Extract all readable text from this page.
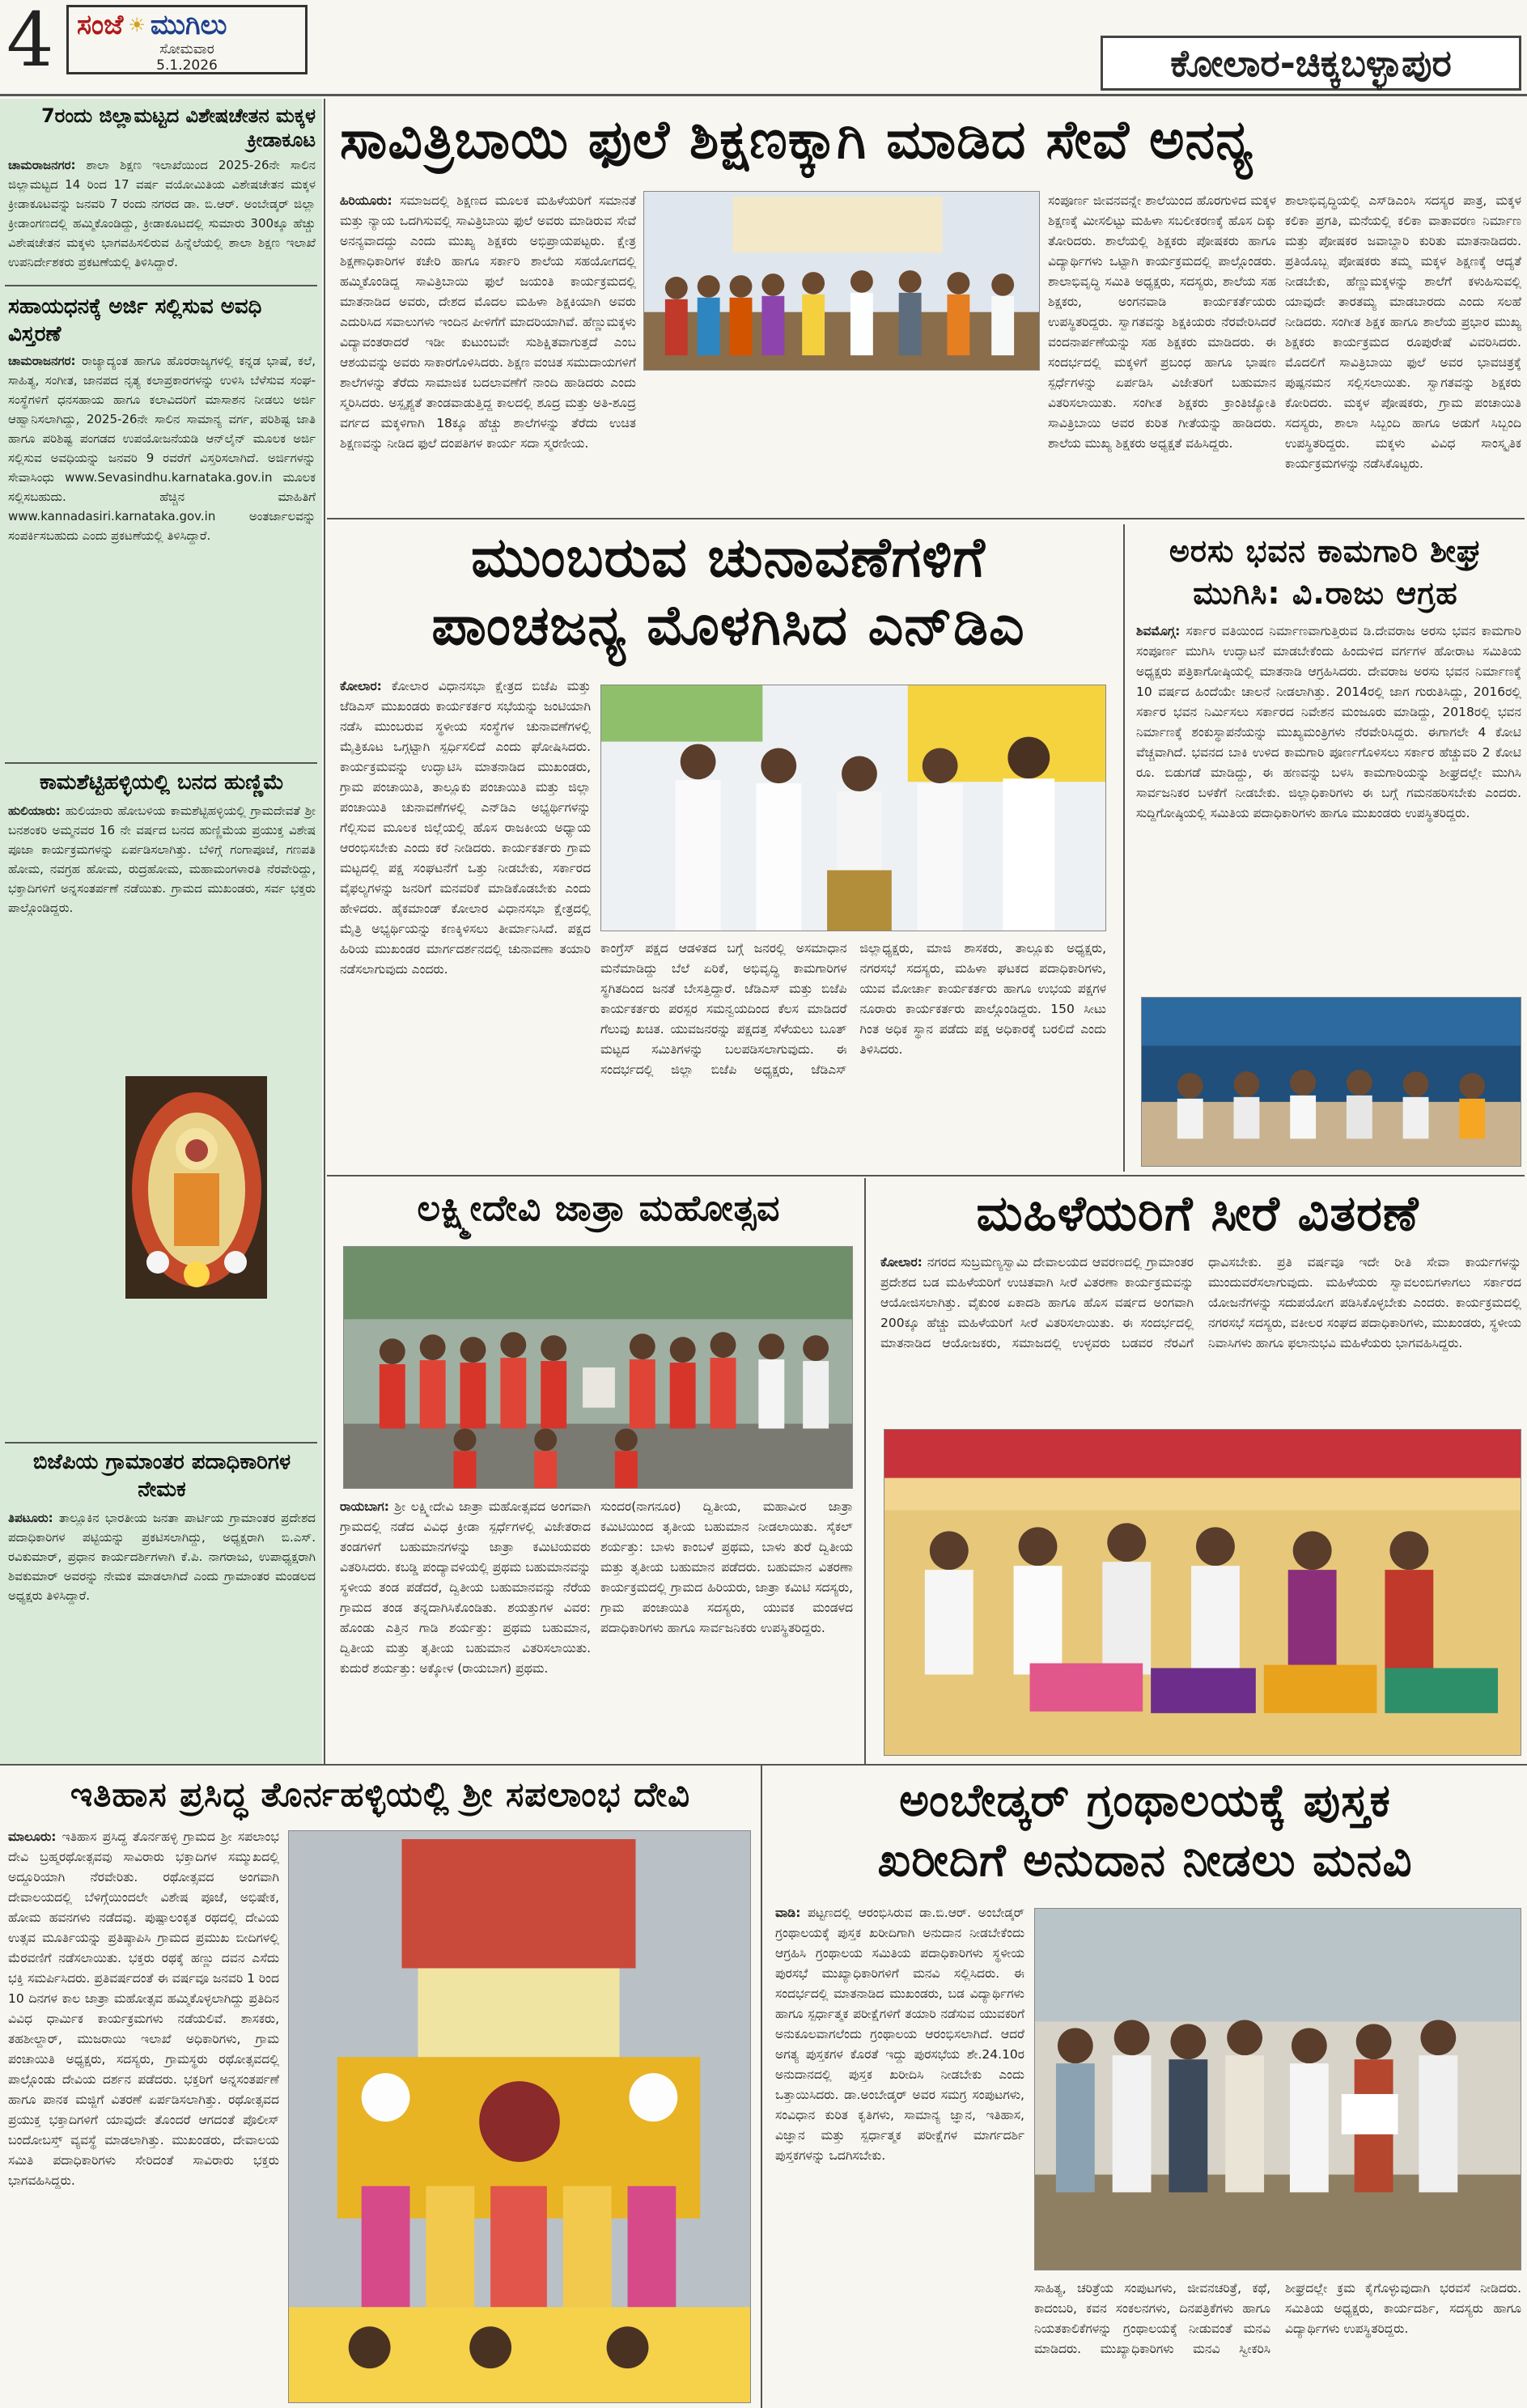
4 ಸಂಜೆ ☀ ಮುಗಿಲು
ಸೋಮವಾರ
5.1.2026	ಕೋಲಾರ-ಚಿಕ್ಕಬಳ್ಳಾಪುರ
7ರಂದು ಜಿಲ್ಲಾಮಟ್ಟದ ವಿಶೇಷಚೇತನ ಮಕ್ಕಳ ಕ್ರೀಡಾಕೂಟ
ಚಾಮರಾಜನಗರ: ಶಾಲಾ ಶಿಕ್ಷಣ ಇಲಾಖೆಯಿಂದ 2025-26ನೇ ಸಾಲಿನ ಜಿಲ್ಲಾಮಟ್ಟದ 14 ರಿಂದ 17 ವರ್ಷ ವಯೋಮಿತಿಯ ವಿಶೇಷಚೇತನ ಮಕ್ಕಳ ಕ್ರೀಡಾಕೂಟವನ್ನು ಜನವರಿ 7 ರಂದು ನಗರದ ಡಾ. ಬಿ.ಆರ್. ಅಂಬೇಡ್ಕರ್ ಜಿಲ್ಲಾ ಕ್ರೀಡಾಂಗಣದಲ್ಲಿ ಹಮ್ಮಿಕೊಂಡಿದ್ದು, ಕ್ರೀಡಾಕೂಟದಲ್ಲಿ ಸುಮಾರು 300ಕ್ಕೂ ಹೆಚ್ಚು ವಿಶೇಷಚೇತನ ಮಕ್ಕಳು ಭಾಗವಹಿಸಲಿರುವ ಹಿನ್ನೆಲೆಯಲ್ಲಿ ಶಾಲಾ ಶಿಕ್ಷಣ ಇಲಾಖೆ ಉಪನಿರ್ದೇಶಕರು ಪ್ರಕಟಣೆಯಲ್ಲಿ ತಿಳಿಸಿದ್ದಾರೆ.
ಸಹಾಯಧನಕ್ಕೆ ಅರ್ಜಿ ಸಲ್ಲಿಸುವ ಅವಧಿ ವಿಸ್ತರಣೆ
ಚಾಮರಾಜನಗರ: ರಾಜ್ಯಾದ್ಯಂತ ಹಾಗೂ ಹೊರರಾಜ್ಯಗಳಲ್ಲಿ ಕನ್ನಡ ಭಾಷೆ, ಕಲೆ, ಸಾಹಿತ್ಯ, ಸಂಗೀತ, ಜಾನಪದ ನೃತ್ಯ ಕಲಾಪ್ರಕಾರಗಳನ್ನು ಉಳಿಸಿ ಬೆಳೆಸುವ ಸಂಘ-ಸಂಸ್ಥೆಗಳಿಗೆ ಧನಸಹಾಯ ಹಾಗೂ ಕಲಾವಿದರಿಗೆ ಮಾಸಾಶನ ನೀಡಲು ಅರ್ಜಿ ಆಹ್ವಾನಿಸಲಾಗಿದ್ದು, 2025-26ನೇ ಸಾಲಿನ ಸಾಮಾನ್ಯ ವರ್ಗ, ಪರಿಶಿಷ್ಟ ಜಾತಿ ಹಾಗೂ ಪರಿಶಿಷ್ಟ ಪಂಗಡದ ಉಪಯೋಜನೆಯಡಿ ಆನ್‌ಲೈನ್ ಮೂಲಕ ಅರ್ಜಿ ಸಲ್ಲಿಸುವ ಅವಧಿಯನ್ನು ಜನವರಿ 9 ರವರೆಗೆ ವಿಸ್ತರಿಸಲಾಗಿದೆ. ಅರ್ಜಿಗಳನ್ನು ಸೇವಾಸಿಂಧು www.Sevasindhu.karnataka.gov.in ಮೂಲಕ ಸಲ್ಲಿಸಬಹುದು. ಹೆಚ್ಚಿನ ಮಾಹಿತಿಗೆ www.kannadasiri.karnataka.gov.in ಅಂತರ್ಜಾಲವನ್ನು ಸಂಪರ್ಕಿಸಬಹುದು ಎಂದು ಪ್ರಕಟಣೆಯಲ್ಲಿ ತಿಳಿಸಿದ್ದಾರೆ.
ಕಾಮಶೆಟ್ಟಿಹಳ್ಳಿಯಲ್ಲಿ ಬನದ ಹುಣ್ಣಿಮೆ
ಹುಲಿಯಾರು: ಹುಲಿಯಾರು ಹೋಬಳಿಯ ಕಾಮಶೆಟ್ಟಿಹಳ್ಳಿಯಲ್ಲಿ ಗ್ರಾಮದೇವತೆ ಶ್ರೀ ಬನಶಂಕರಿ ಅಮ್ಮನವರ 16 ನೇ ವರ್ಷದ ಬನದ ಹುಣ್ಣಿಮೆಯ ಪ್ರಯುಕ್ತ ವಿಶೇಷ ಪೂಜಾ ಕಾರ್ಯಕ್ರಮಗಳನ್ನು ಏರ್ಪಡಿಸಲಾಗಿತ್ತು. ಬೆಳಿಗ್ಗೆ ಗಂಗಾಪೂಜೆ, ಗಣಪತಿ ಹೋಮ, ನವಗ್ರಹ ಹೋಮ, ರುದ್ರಹೋಮ, ಮಹಾಮಂಗಳಾರತಿ ನೆರವೇರಿದ್ದು, ಭಕ್ತಾದಿಗಳಿಗೆ ಅನ್ನಸಂತರ್ಪಣೆ ನಡೆಯಿತು. ಗ್ರಾಮದ ಮುಖಂಡರು, ಸರ್ವ ಭಕ್ತರು ಪಾಲ್ಗೊಂಡಿದ್ದರು.
ಬಿಜೆಪಿಯ ಗ್ರಾಮಾಂತರ ಪದಾಧಿಕಾರಿಗಳ ನೇಮಕ
ತಿಪಟೂರು: ತಾಲ್ಲೂಕಿನ ಭಾರತೀಯ ಜನತಾ ಪಾರ್ಟಿಯ ಗ್ರಾಮಾಂತರ ಪ್ರದೇಶದ ಪದಾಧಿಕಾರಿಗಳ ಪಟ್ಟಿಯನ್ನು ಪ್ರಕಟಿಸಲಾಗಿದ್ದು, ಅಧ್ಯಕ್ಷರಾಗಿ ಬಿ.ಎಸ್. ರವಿಕುಮಾರ್, ಪ್ರಧಾನ ಕಾರ್ಯದರ್ಶಿಗಳಾಗಿ ಕೆ.ಪಿ. ನಾಗರಾಜು, ಉಪಾಧ್ಯಕ್ಷರಾಗಿ ಶಿವಕುಮಾರ್ ಅವರನ್ನು ನೇಮಕ ಮಾಡಲಾಗಿದೆ ಎಂದು ಗ್ರಾಮಾಂತರ ಮಂಡಲದ ಅಧ್ಯಕ್ಷರು ತಿಳಿಸಿದ್ದಾರೆ.
ಸಾವಿತ್ರಿಬಾಯಿ ಫುಲೆ ಶಿಕ್ಷಣಕ್ಕಾಗಿ ಮಾಡಿದ ಸೇವೆ ಅನನ್ಯ
ಹಿರಿಯೂರು: ಸಮಾಜದಲ್ಲಿ ಶಿಕ್ಷಣದ ಮೂಲಕ ಮಹಿಳೆಯರಿಗೆ ಸಮಾನತೆ ಮತ್ತು ನ್ಯಾಯ ಒದಗಿಸುವಲ್ಲಿ ಸಾವಿತ್ರಿಬಾಯಿ ಫುಲೆ ಅವರು ಮಾಡಿರುವ ಸೇವೆ ಅನನ್ಯವಾದದ್ದು ಎಂದು ಮುಖ್ಯ ಶಿಕ್ಷಕರು ಅಭಿಪ್ರಾಯಪಟ್ಟರು. ಕ್ಷೇತ್ರ ಶಿಕ್ಷಣಾಧಿಕಾರಿಗಳ ಕಚೇರಿ ಹಾಗೂ ಸರ್ಕಾರಿ ಶಾಲೆಯ ಸಹಯೋಗದಲ್ಲಿ ಹಮ್ಮಿಕೊಂಡಿದ್ದ ಸಾವಿತ್ರಿಬಾಯಿ ಫುಲೆ ಜಯಂತಿ ಕಾರ್ಯಕ್ರಮದಲ್ಲಿ ಮಾತನಾಡಿದ ಅವರು, ದೇಶದ ಮೊದಲ ಮಹಿಳಾ ಶಿಕ್ಷಕಿಯಾಗಿ ಅವರು ಎದುರಿಸಿದ ಸವಾಲುಗಳು ಇಂದಿನ ಪೀಳಿಗೆಗೆ ಮಾದರಿಯಾಗಿವೆ. ಹೆಣ್ಣುಮಕ್ಕಳು ವಿದ್ಯಾವಂತರಾದರೆ ಇಡೀ ಕುಟುಂಬವೇ ಸುಶಿಕ್ಷಿತವಾಗುತ್ತದೆ ಎಂಬ ಆಶಯವನ್ನು ಅವರು ಸಾಕಾರಗೊಳಿಸಿದರು. ಶಿಕ್ಷಣ ವಂಚಿತ ಸಮುದಾಯಗಳಿಗೆ ಶಾಲೆಗಳನ್ನು ತೆರೆದು ಸಾಮಾಜಿಕ ಬದಲಾವಣೆಗೆ ನಾಂದಿ ಹಾಡಿದರು ಎಂದು ಸ್ಮರಿಸಿದರು. ಅಸ್ಪೃಶ್ಯತೆ ತಾಂಡವಾಡುತ್ತಿದ್ದ ಕಾಲದಲ್ಲಿ ಶೂದ್ರ ಮತ್ತು ಅತಿ-ಶೂದ್ರ ವರ್ಗದ ಮಕ್ಕಳಿಗಾಗಿ 18ಕ್ಕೂ ಹೆಚ್ಚು ಶಾಲೆಗಳನ್ನು ತೆರೆದು ಉಚಿತ ಶಿಕ್ಷಣವನ್ನು ನೀಡಿದ ಫುಲೆ ದಂಪತಿಗಳ ಕಾರ್ಯ ಸದಾ ಸ್ಮರಣೀಯ.
ಸಂಪೂರ್ಣ ಜೀವನವನ್ನೇ ಶಾಲೆಯಿಂದ ಹೊರಗುಳಿದ ಮಕ್ಕಳ ಶಿಕ್ಷಣಕ್ಕೆ ಮೀಸಲಿಟ್ಟು ಮಹಿಳಾ ಸಬಲೀಕರಣಕ್ಕೆ ಹೊಸ ದಿಕ್ಕು ತೋರಿದರು. ಶಾಲೆಯಲ್ಲಿ ಶಿಕ್ಷಕರು ಪೋಷಕರು ಹಾಗೂ ವಿದ್ಯಾರ್ಥಿಗಳು ಒಟ್ಟಾಗಿ ಕಾರ್ಯಕ್ರಮದಲ್ಲಿ ಪಾಲ್ಗೊಂಡರು. ಶಾಲಾಭಿವೃದ್ಧಿ ಸಮಿತಿ ಅಧ್ಯಕ್ಷರು, ಸದಸ್ಯರು, ಶಾಲೆಯ ಸಹ ಶಿಕ್ಷಕರು, ಅಂಗನವಾಡಿ ಕಾರ್ಯಕರ್ತೆಯರು ಉಪಸ್ಥಿತರಿದ್ದರು. ಸ್ವಾಗತವನ್ನು ಶಿಕ್ಷಕಿಯರು ನೆರವೇರಿಸಿದರೆ ವಂದನಾರ್ಪಣೆಯನ್ನು ಸಹ ಶಿಕ್ಷಕರು ಮಾಡಿದರು. ಈ ಸಂದರ್ಭದಲ್ಲಿ ಮಕ್ಕಳಿಗೆ ಪ್ರಬಂಧ ಹಾಗೂ ಭಾಷಣ ಸ್ಪರ್ಧೆಗಳನ್ನು ಏರ್ಪಡಿಸಿ ವಿಜೇತರಿಗೆ ಬಹುಮಾನ ವಿತರಿಸಲಾಯಿತು. ಸಂಗೀತ ಶಿಕ್ಷಕರು ಕ್ರಾಂತಿಜ್ಯೋತಿ ಸಾವಿತ್ರಿಬಾಯಿ ಅವರ ಕುರಿತ ಗೀತೆಯನ್ನು ಹಾಡಿದರು. ಶಾಲೆಯ ಮುಖ್ಯ ಶಿಕ್ಷಕರು ಅಧ್ಯಕ್ಷತೆ ವಹಿಸಿದ್ದರು.
ಶಾಲಾಭಿವೃದ್ಧಿಯಲ್ಲಿ ಎಸ್‌ಡಿಎಂಸಿ ಸದಸ್ಯರ ಪಾತ್ರ, ಮಕ್ಕಳ ಕಲಿಕಾ ಪ್ರಗತಿ, ಮನೆಯಲ್ಲಿ ಕಲಿಕಾ ವಾತಾವರಣ ನಿರ್ಮಾಣ ಮತ್ತು ಪೋಷಕರ ಜವಾಬ್ದಾರಿ ಕುರಿತು ಮಾತನಾಡಿದರು. ಪ್ರತಿಯೊಬ್ಬ ಪೋಷಕರು ತಮ್ಮ ಮಕ್ಕಳ ಶಿಕ್ಷಣಕ್ಕೆ ಆದ್ಯತೆ ನೀಡಬೇಕು, ಹೆಣ್ಣುಮಕ್ಕಳನ್ನು ಶಾಲೆಗೆ ಕಳುಹಿಸುವಲ್ಲಿ ಯಾವುದೇ ತಾರತಮ್ಯ ಮಾಡಬಾರದು ಎಂದು ಸಲಹೆ ನೀಡಿದರು. ಸಂಗೀತ ಶಿಕ್ಷಕ ಹಾಗೂ ಶಾಲೆಯ ಪ್ರಭಾರ ಮುಖ್ಯ ಶಿಕ್ಷಕರು ಕಾರ್ಯಕ್ರಮದ ರೂಪುರೇಷೆ ವಿವರಿಸಿದರು. ಮೊದಲಿಗೆ ಸಾವಿತ್ರಿಬಾಯಿ ಫುಲೆ ಅವರ ಭಾವಚಿತ್ರಕ್ಕೆ ಪುಷ್ಪನಮನ ಸಲ್ಲಿಸಲಾಯಿತು. ಸ್ವಾಗತವನ್ನು ಶಿಕ್ಷಕರು ಕೋರಿದರು. ಮಕ್ಕಳ ಪೋಷಕರು, ಗ್ರಾಮ ಪಂಚಾಯಿತಿ ಸದಸ್ಯರು, ಶಾಲಾ ಸಿಬ್ಬಂದಿ ಹಾಗೂ ಅಡುಗೆ ಸಿಬ್ಬಂದಿ ಉಪಸ್ಥಿತರಿದ್ದರು. ಮಕ್ಕಳು ವಿವಿಧ ಸಾಂಸ್ಕೃತಿಕ ಕಾರ್ಯಕ್ರಮಗಳನ್ನು ನಡೆಸಿಕೊಟ್ಟರು.
ಮುಂಬರುವ ಚುನಾವಣೆಗಳಿಗೆ
ಪಾಂಚಜನ್ಯ ಮೊಳಗಿಸಿದ ಎನ್‌ಡಿಎ
ಕೋಲಾರ: ಕೋಲಾರ ವಿಧಾನಸಭಾ ಕ್ಷೇತ್ರದ ಬಿಜೆಪಿ ಮತ್ತು ಜೆಡಿಎಸ್ ಮುಖಂಡರು ಕಾರ್ಯಕರ್ತರ ಸಭೆಯನ್ನು ಜಂಟಿಯಾಗಿ ನಡೆಸಿ ಮುಂಬರುವ ಸ್ಥಳೀಯ ಸಂಸ್ಥೆಗಳ ಚುನಾವಣೆಗಳಲ್ಲಿ ಮೈತ್ರಿಕೂಟ ಒಗ್ಗಟ್ಟಾಗಿ ಸ್ಪರ್ಧಿಸಲಿದೆ ಎಂದು ಘೋಷಿಸಿದರು. ಕಾರ್ಯಕ್ರಮವನ್ನು ಉದ್ಘಾಟಿಸಿ ಮಾತನಾಡಿದ ಮುಖಂಡರು, ಗ್ರಾಮ ಪಂಚಾಯಿತಿ, ತಾಲ್ಲೂಕು ಪಂಚಾಯಿತಿ ಮತ್ತು ಜಿಲ್ಲಾ ಪಂಚಾಯಿತಿ ಚುನಾವಣೆಗಳಲ್ಲಿ ಎನ್‌ಡಿಎ ಅಭ್ಯರ್ಥಿಗಳನ್ನು ಗೆಲ್ಲಿಸುವ ಮೂಲಕ ಜಿಲ್ಲೆಯಲ್ಲಿ ಹೊಸ ರಾಜಕೀಯ ಅಧ್ಯಾಯ ಆರಂಭಿಸಬೇಕು ಎಂದು ಕರೆ ನೀಡಿದರು. ಕಾರ್ಯಕರ್ತರು ಗ್ರಾಮ ಮಟ್ಟದಲ್ಲಿ ಪಕ್ಷ ಸಂಘಟನೆಗೆ ಒತ್ತು ನೀಡಬೇಕು, ಸರ್ಕಾರದ ವೈಫಲ್ಯಗಳನ್ನು ಜನರಿಗೆ ಮನವರಿಕೆ ಮಾಡಿಕೊಡಬೇಕು ಎಂದು ಹೇಳಿದರು. ಹೈಕಮಾಂಡ್ ಕೋಲಾರ ವಿಧಾನಸಭಾ ಕ್ಷೇತ್ರದಲ್ಲಿ ಮೈತ್ರಿ ಅಭ್ಯರ್ಥಿಯನ್ನು ಕಣಕ್ಕಿಳಿಸಲು ತೀರ್ಮಾನಿಸಿದೆ. ಪಕ್ಷದ ಹಿರಿಯ ಮುಖಂಡರ ಮಾರ್ಗದರ್ಶನದಲ್ಲಿ ಚುನಾವಣಾ ತಯಾರಿ ನಡೆಸಲಾಗುವುದು ಎಂದರು.
ಕಾಂಗ್ರೆಸ್ ಪಕ್ಷದ ಆಡಳಿತದ ಬಗ್ಗೆ ಜನರಲ್ಲಿ ಅಸಮಾಧಾನ ಮನೆಮಾಡಿದ್ದು ಬೆಲೆ ಏರಿಕೆ, ಅಭಿವೃದ್ಧಿ ಕಾಮಗಾರಿಗಳ ಸ್ಥಗಿತದಿಂದ ಜನತೆ ಬೇಸತ್ತಿದ್ದಾರೆ. ಜೆಡಿಎಸ್ ಮತ್ತು ಬಿಜೆಪಿ ಕಾರ್ಯಕರ್ತರು ಪರಸ್ಪರ ಸಮನ್ವಯದಿಂದ ಕೆಲಸ ಮಾಡಿದರೆ ಗೆಲುವು ಖಚಿತ. ಯುವಜನರನ್ನು ಪಕ್ಷದತ್ತ ಸೆಳೆಯಲು ಬೂತ್ ಮಟ್ಟದ ಸಮಿತಿಗಳನ್ನು ಬಲಪಡಿಸಲಾಗುವುದು. ಈ ಸಂದರ್ಭದಲ್ಲಿ ಜಿಲ್ಲಾ ಬಿಜೆಪಿ ಅಧ್ಯಕ್ಷರು, ಜೆಡಿಎಸ್ ಜಿಲ್ಲಾಧ್ಯಕ್ಷರು, ಮಾಜಿ ಶಾಸಕರು, ತಾಲ್ಲೂಕು ಅಧ್ಯಕ್ಷರು, ನಗರಸಭೆ ಸದಸ್ಯರು, ಮಹಿಳಾ ಘಟಕದ ಪದಾಧಿಕಾರಿಗಳು, ಯುವ ಮೋರ್ಚಾ ಕಾರ್ಯಕರ್ತರು ಹಾಗೂ ಉಭಯ ಪಕ್ಷಗಳ ನೂರಾರು ಕಾರ್ಯಕರ್ತರು ಪಾಲ್ಗೊಂಡಿದ್ದರು. 150 ಸೀಟು ಗಿಂತ ಅಧಿಕ ಸ್ಥಾನ ಪಡೆದು ಪಕ್ಷ ಅಧಿಕಾರಕ್ಕೆ ಬರಲಿದೆ ಎಂದು ತಿಳಿಸಿದರು.
ಅರಸು ಭವನ ಕಾಮಗಾರಿ ಶೀಘ್ರ
ಮುಗಿಸಿ: ವಿ.ರಾಜು ಆಗ್ರಹ
ಶಿವಮೊಗ್ಗ: ಸರ್ಕಾರ ವತಿಯಿಂದ ನಿರ್ಮಾಣವಾಗುತ್ತಿರುವ ಡಿ.ದೇವರಾಜ ಅರಸು ಭವನ ಕಾಮಗಾರಿ ಸಂಪೂರ್ಣ ಮುಗಿಸಿ ಉದ್ಘಾಟನೆ ಮಾಡಬೇಕೆಂದು ಹಿಂದುಳಿದ ವರ್ಗಗಳ ಹೋರಾಟ ಸಮಿತಿಯ ಅಧ್ಯಕ್ಷರು ಪತ್ರಿಕಾಗೋಷ್ಠಿಯಲ್ಲಿ ಮಾತನಾಡಿ ಆಗ್ರಹಿಸಿದರು. ದೇವರಾಜ ಅರಸು ಭವನ ನಿರ್ಮಾಣಕ್ಕೆ 10 ವರ್ಷದ ಹಿಂದೆಯೇ ಚಾಲನೆ ನೀಡಲಾಗಿತ್ತು. 2014ರಲ್ಲಿ ಜಾಗ ಗುರುತಿಸಿದ್ದು, 2016ರಲ್ಲಿ ಸರ್ಕಾರ ಭವನ ನಿರ್ಮಿಸಲು ಸರ್ಕಾರದ ನಿವೇಶನ ಮಂಜೂರು ಮಾಡಿದ್ದು, 2018ರಲ್ಲಿ ಭವನ ನಿರ್ಮಾಣಕ್ಕೆ ಶಂಕುಸ್ಥಾಪನೆಯನ್ನು ಮುಖ್ಯಮಂತ್ರಿಗಳು ನೆರವೇರಿಸಿದ್ದರು. ಈಗಾಗಲೇ 4 ಕೋಟಿ ವೆಚ್ಚವಾಗಿದೆ. ಭವನದ ಬಾಕಿ ಉಳಿದ ಕಾಮಗಾರಿ ಪೂರ್ಣಗೊಳಿಸಲು ಸರ್ಕಾರ ಹೆಚ್ಚುವರಿ 2 ಕೋಟಿ ರೂ. ಬಿಡುಗಡೆ ಮಾಡಿದ್ದು, ಈ ಹಣವನ್ನು ಬಳಸಿ ಕಾಮಗಾರಿಯನ್ನು ಶೀಘ್ರದಲ್ಲೇ ಮುಗಿಸಿ ಸಾರ್ವಜನಿಕರ ಬಳಕೆಗೆ ನೀಡಬೇಕು. ಜಿಲ್ಲಾಧಿಕಾರಿಗಳು ಈ ಬಗ್ಗೆ ಗಮನಹರಿಸಬೇಕು ಎಂದರು. ಸುದ್ದಿಗೋಷ್ಠಿಯಲ್ಲಿ ಸಮಿತಿಯ ಪದಾಧಿಕಾರಿಗಳು ಹಾಗೂ ಮುಖಂಡರು ಉಪಸ್ಥಿತರಿದ್ದರು.
ಲಕ್ಷ್ಮೀದೇವಿ ಜಾತ್ರಾ ಮಹೋತ್ಸವ
ರಾಯಬಾಗ: ಶ್ರೀ ಲಕ್ಷ್ಮೀದೇವಿ ಜಾತ್ರಾ ಮಹೋತ್ಸವದ ಅಂಗವಾಗಿ ಗ್ರಾಮದಲ್ಲಿ ನಡೆದ ವಿವಿಧ ಕ್ರೀಡಾ ಸ್ಪರ್ಧೆಗಳಲ್ಲಿ ವಿಜೇತರಾದ ತಂಡಗಳಿಗೆ ಬಹುಮಾನಗಳನ್ನು ಜಾತ್ರಾ ಕಮಿಟಿಯವರು ವಿತರಿಸಿದರು. ಕಬಡ್ಡಿ ಪಂದ್ಯಾವಳಿಯಲ್ಲಿ ಪ್ರಥಮ ಬಹುಮಾನವನ್ನು ಸ್ಥಳೀಯ ತಂಡ ಪಡೆದರೆ, ದ್ವಿತೀಯ ಬಹುಮಾನವನ್ನು ನೆರೆಯ ಗ್ರಾಮದ ತಂಡ ತನ್ನದಾಗಿಸಿಕೊಂಡಿತು. ಶಯತ್ತುಗಳ ವಿವರ: ಹೊಂಡು ಎತ್ತಿನ ಗಾಡಿ ಶರ್ಯತ್ತು: ಪ್ರಥಮ ಬಹುಮಾನ, ದ್ವಿತೀಯ ಮತ್ತು ತೃತೀಯ ಬಹುಮಾನ ವಿತರಿಸಲಾಯಿತು. ಕುದುರೆ ಶರ್ಯತ್ತು: ಅಕ್ಕೋಳ (ರಾಯಬಾಗ) ಪ್ರಥಮ.
ಸುಂದರ(ನಾಗನೂರ) ದ್ವಿತೀಯ, ಮಹಾವೀರ ಜಾತ್ರಾ ಕಮಿಟಿಯಿಂದ ತೃತೀಯ ಬಹುಮಾನ ನೀಡಲಾಯಿತು. ಸೈಕಲ್ ಶರ್ಯತ್ತು: ಬಾಳು ಕಾಂಬಳೆ ಪ್ರಥಮ, ಬಾಳು ತುರೆ ದ್ವಿತೀಯ ಮತ್ತು ತೃತೀಯ ಬಹುಮಾನ ಪಡೆದರು. ಬಹುಮಾನ ವಿತರಣಾ ಕಾರ್ಯಕ್ರಮದಲ್ಲಿ ಗ್ರಾಮದ ಹಿರಿಯರು, ಜಾತ್ರಾ ಕಮಿಟಿ ಸದಸ್ಯರು, ಗ್ರಾಮ ಪಂಚಾಯಿತಿ ಸದಸ್ಯರು, ಯುವಕ ಮಂಡಳದ ಪದಾಧಿಕಾರಿಗಳು ಹಾಗೂ ಸಾರ್ವಜನಿಕರು ಉಪಸ್ಥಿತರಿದ್ದರು.
ಮಹಿಳೆಯರಿಗೆ ಸೀರೆ ವಿತರಣೆ
ಕೋಲಾರ: ನಗರದ ಸುಬ್ರಮಣ್ಯಸ್ವಾಮಿ ದೇವಾಲಯದ ಆವರಣದಲ್ಲಿ ಗ್ರಾಮಾಂತರ ಪ್ರದೇಶದ ಬಡ ಮಹಿಳೆಯರಿಗೆ ಉಚಿತವಾಗಿ ಸೀರೆ ವಿತರಣಾ ಕಾರ್ಯಕ್ರಮವನ್ನು ಆಯೋಜಿಸಲಾಗಿತ್ತು. ವೈಕುಂಠ ಏಕಾದಶಿ ಹಾಗೂ ಹೊಸ ವರ್ಷದ ಅಂಗವಾಗಿ 200ಕ್ಕೂ ಹೆಚ್ಚು ಮಹಿಳೆಯರಿಗೆ ಸೀರೆ ವಿತರಿಸಲಾಯಿತು. ಈ ಸಂದರ್ಭದಲ್ಲಿ ಮಾತನಾಡಿದ ಆಯೋಜಕರು, ಸಮಾಜದಲ್ಲಿ ಉಳ್ಳವರು ಬಡವರ ನೆರವಿಗೆ ಧಾವಿಸಬೇಕು. ಪ್ರತಿ ವರ್ಷವೂ ಇದೇ ರೀತಿ ಸೇವಾ ಕಾರ್ಯಗಳನ್ನು ಮುಂದುವರೆಸಲಾಗುವುದು. ಮಹಿಳೆಯರು ಸ್ವಾವಲಂಬಿಗಳಾಗಲು ಸರ್ಕಾರದ ಯೋಜನೆಗಳನ್ನು ಸದುಪಯೋಗ ಪಡಿಸಿಕೊಳ್ಳಬೇಕು ಎಂದರು. ಕಾರ್ಯಕ್ರಮದಲ್ಲಿ ನಗರಸಭೆ ಸದಸ್ಯರು, ವಕೀಲರ ಸಂಘದ ಪದಾಧಿಕಾರಿಗಳು, ಮುಖಂಡರು, ಸ್ಥಳೀಯ ನಿವಾಸಿಗಳು ಹಾಗೂ ಫಲಾನುಭವಿ ಮಹಿಳೆಯರು ಭಾಗವಹಿಸಿದ್ದರು.
ಇತಿಹಾಸ ಪ್ರಸಿದ್ಧ ತೊರ್ನಹಳ್ಳಿಯಲ್ಲಿ ಶ್ರೀ ಸಪಲಾಂಭ ದೇವಿ
ಮಾಲೂರು: ಇತಿಹಾಸ ಪ್ರಸಿದ್ಧ ತೊರ್ನಹಳ್ಳಿ ಗ್ರಾಮದ ಶ್ರೀ ಸಪಲಾಂಭ ದೇವಿ ಬ್ರಹ್ಮರಥೋತ್ಸವವು ಸಾವಿರಾರು ಭಕ್ತಾದಿಗಳ ಸಮ್ಮುಖದಲ್ಲಿ ಅದ್ದೂರಿಯಾಗಿ ನೆರವೇರಿತು. ರಥೋತ್ಸವದ ಅಂಗವಾಗಿ ದೇವಾಲಯದಲ್ಲಿ ಬೆಳಿಗ್ಗೆಯಿಂದಲೇ ವಿಶೇಷ ಪೂಜೆ, ಅಭಿಷೇಕ, ಹೋಮ ಹವನಗಳು ನಡೆದವು. ಪುಷ್ಪಾಲಂಕೃತ ರಥದಲ್ಲಿ ದೇವಿಯ ಉತ್ಸವ ಮೂರ್ತಿಯನ್ನು ಪ್ರತಿಷ್ಠಾಪಿಸಿ ಗ್ರಾಮದ ಪ್ರಮುಖ ಬೀದಿಗಳಲ್ಲಿ ಮೆರವಣಿಗೆ ನಡೆಸಲಾಯಿತು. ಭಕ್ತರು ರಥಕ್ಕೆ ಹಣ್ಣು ದವನ ಎಸೆದು ಭಕ್ತಿ ಸಮರ್ಪಿಸಿದರು. ಪ್ರತಿವರ್ಷದಂತೆ ಈ ವರ್ಷವೂ ಜನವರಿ 1 ರಿಂದ 10 ದಿನಗಳ ಕಾಲ ಜಾತ್ರಾ ಮಹೋತ್ಸವ ಹಮ್ಮಿಕೊಳ್ಳಲಾಗಿದ್ದು ಪ್ರತಿದಿನ ವಿವಿಧ ಧಾರ್ಮಿಕ ಕಾರ್ಯಕ್ರಮಗಳು ನಡೆಯಲಿವೆ. ಶಾಸಕರು, ತಹಶೀಲ್ದಾರ್, ಮುಜರಾಯಿ ಇಲಾಖೆ ಅಧಿಕಾರಿಗಳು, ಗ್ರಾಮ ಪಂಚಾಯಿತಿ ಅಧ್ಯಕ್ಷರು, ಸದಸ್ಯರು, ಗ್ರಾಮಸ್ಥರು ರಥೋತ್ಸವದಲ್ಲಿ ಪಾಲ್ಗೊಂಡು ದೇವಿಯ ದರ್ಶನ ಪಡೆದರು. ಭಕ್ತರಿಗೆ ಅನ್ನಸಂತರ್ಪಣೆ ಹಾಗೂ ಪಾನಕ ಮಜ್ಜಿಗೆ ವಿತರಣೆ ಏರ್ಪಡಿಸಲಾಗಿತ್ತು. ರಥೋತ್ಸವದ ಪ್ರಯುಕ್ತ ಭಕ್ತಾದಿಗಳಿಗೆ ಯಾವುದೇ ತೊಂದರೆ ಆಗದಂತೆ ಪೊಲೀಸ್ ಬಂದೋಬಸ್ತ್ ವ್ಯವಸ್ಥೆ ಮಾಡಲಾಗಿತ್ತು. ಮುಖಂಡರು, ದೇವಾಲಯ ಸಮಿತಿ ಪದಾಧಿಕಾರಿಗಳು ಸೇರಿದಂತೆ ಸಾವಿರಾರು ಭಕ್ತರು ಭಾಗವಹಿಸಿದ್ದರು.
ಅಂಬೇಡ್ಕರ್ ಗ್ರಂಥಾಲಯಕ್ಕೆ ಪುಸ್ತಕ
ಖರೀದಿಗೆ ಅನುದಾನ ನೀಡಲು ಮನವಿ
ವಾಡಿ: ಪಟ್ಟಣದಲ್ಲಿ ಆರಂಭಿಸಿರುವ ಡಾ.ಬಿ.ಆರ್. ಅಂಬೇಡ್ಕರ್ ಗ್ರಂಥಾಲಯಕ್ಕೆ ಪುಸ್ತಕ ಖರೀದಿಗಾಗಿ ಅನುದಾನ ನೀಡಬೇಕೆಂದು ಆಗ್ರಹಿಸಿ ಗ್ರಂಥಾಲಯ ಸಮಿತಿಯ ಪದಾಧಿಕಾರಿಗಳು ಸ್ಥಳೀಯ ಪುರಸಭೆ ಮುಖ್ಯಾಧಿಕಾರಿಗಳಿಗೆ ಮನವಿ ಸಲ್ಲಿಸಿದರು. ಈ ಸಂದರ್ಭದಲ್ಲಿ ಮಾತನಾಡಿದ ಮುಖಂಡರು, ಬಡ ವಿದ್ಯಾರ್ಥಿಗಳು ಹಾಗೂ ಸ್ಪರ್ಧಾತ್ಮಕ ಪರೀಕ್ಷೆಗಳಿಗೆ ತಯಾರಿ ನಡೆಸುವ ಯುವಕರಿಗೆ ಅನುಕೂಲವಾಗಲೆಂದು ಗ್ರಂಥಾಲಯ ಆರಂಭಿಸಲಾಗಿದೆ. ಆದರೆ ಅಗತ್ಯ ಪುಸ್ತಕಗಳ ಕೊರತೆ ಇದ್ದು ಪುರಸಭೆಯ ಶೇ.24.10ರ ಅನುದಾನದಲ್ಲಿ ಪುಸ್ತಕ ಖರೀದಿಸಿ ನೀಡಬೇಕು ಎಂದು ಒತ್ತಾಯಿಸಿದರು. ಡಾ.ಅಂಬೇಡ್ಕರ್ ಅವರ ಸಮಗ್ರ ಸಂಪುಟಗಳು, ಸಂವಿಧಾನ ಕುರಿತ ಕೃತಿಗಳು, ಸಾಮಾನ್ಯ ಜ್ಞಾನ, ಇತಿಹಾಸ, ವಿಜ್ಞಾನ ಮತ್ತು ಸ್ಪರ್ಧಾತ್ಮಕ ಪರೀಕ್ಷೆಗಳ ಮಾರ್ಗದರ್ಶಿ ಪುಸ್ತಕಗಳನ್ನು ಒದಗಿಸಬೇಕು.
ಸಾಹಿತ್ಯ, ಚರಿತ್ರೆಯ ಸಂಪುಟಗಳು, ಜೀವನಚರಿತ್ರೆ, ಕಥೆ, ಕಾದಂಬರಿ, ಕವನ ಸಂಕಲನಗಳು, ದಿನಪತ್ರಿಕೆಗಳು ಹಾಗೂ ನಿಯತಕಾಲಿಕೆಗಳನ್ನು ಗ್ರಂಥಾಲಯಕ್ಕೆ ನೀಡುವಂತೆ ಮನವಿ ಮಾಡಿದರು. ಮುಖ್ಯಾಧಿಕಾರಿಗಳು ಮನವಿ ಸ್ವೀಕರಿಸಿ ಶೀಘ್ರದಲ್ಲೇ ಕ್ರಮ ಕೈಗೊಳ್ಳುವುದಾಗಿ ಭರವಸೆ ನೀಡಿದರು. ಸಮಿತಿಯ ಅಧ್ಯಕ್ಷರು, ಕಾರ್ಯದರ್ಶಿ, ಸದಸ್ಯರು ಹಾಗೂ ವಿದ್ಯಾರ್ಥಿಗಳು ಉಪಸ್ಥಿತರಿದ್ದರು.
